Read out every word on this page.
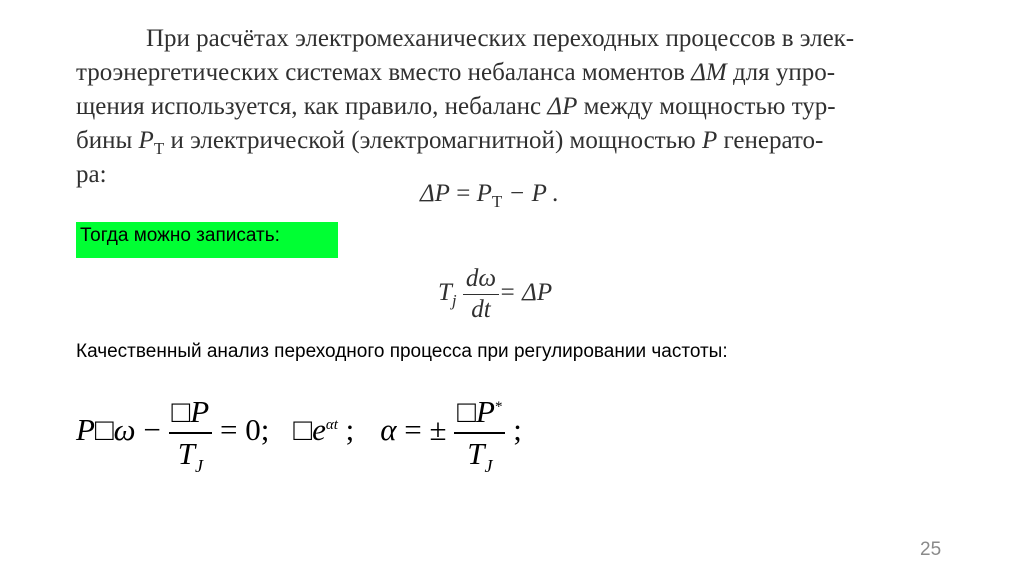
При расчётах электромеханических переходных процессов в элек-

троэнергетических системах вместо небаланса моментов ΔM для упро-

щения используется, как правило, небаланс ΔP между мощностью тур-

бины $P_T$ и электрической (электромагнитной) мощностью P генерато-

ра:

$\Delta P = P_T - P$ .
Тогда можно записать:
$T_j \frac{d\omega}{dt} = \Delta P$
Качественный анализ переходного процесса при регулировании частоты:
P□ω − $\frac{□P}{T_J} = 0$; $□e^{\alpha t}$ ; α = ± $\frac{□P^*}{T_J}$ ;
25
